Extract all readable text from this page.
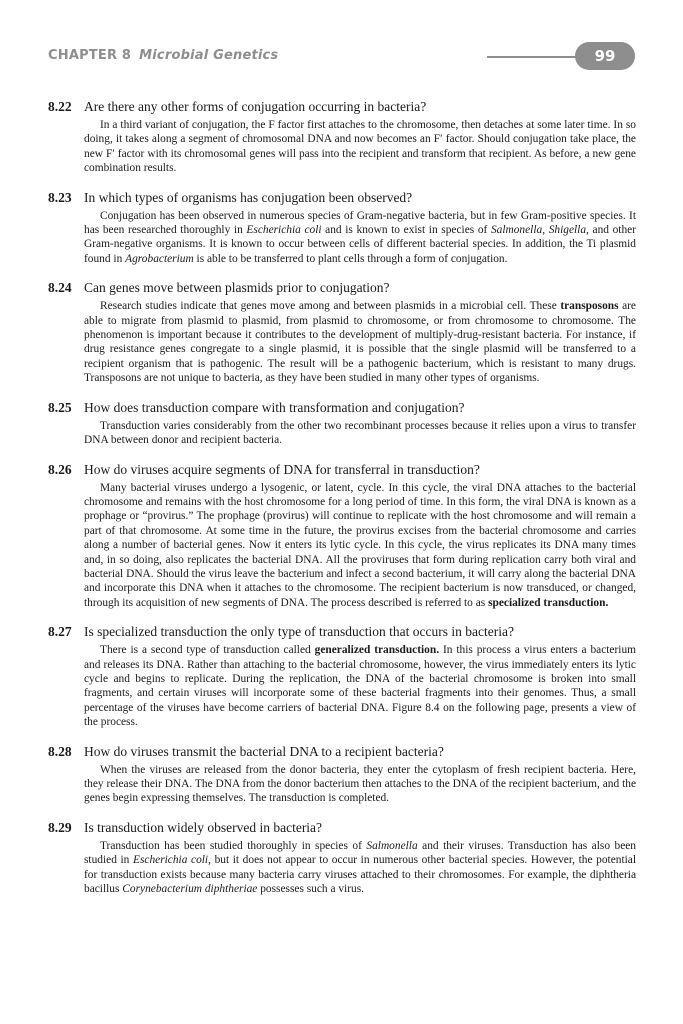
CHAPTER 8 Microbial Genetics	99
8.22 Are there any other forms of conjugation occurring in bacteria?

In a third variant of conjugation, the F factor first attaches to the chromosome, then detaches at some later time. In so doing, it takes along a segment of chromosomal DNA and now becomes an F′ factor. Should conjugation take place, the new F′ factor with its chromosomal genes will pass into the recipient and transform that recipient. As before, a new gene combination results.

8.23 In which types of organisms has conjugation been observed?

Conjugation has been observed in numerous species of Gram-negative bacteria, but in few Gram-positive species. It has been researched thoroughly in Escherichia coli and is known to exist in species of Salmonella, Shigella, and other Gram-negative organisms. It is known to occur between cells of different bacterial species. In addition, the Ti plasmid found in Agrobacterium is able to be transferred to plant cells through a form of conjugation.

8.24 Can genes move between plasmids prior to conjugation?

Research studies indicate that genes move among and between plasmids in a microbial cell. These transposons are able to migrate from plasmid to plasmid, from plasmid to chromosome, or from chromosome to chromosome. The phenomenon is important because it contributes to the development of multiply-drug-resistant bacteria. For instance, if drug resistance genes congregate to a single plasmid, it is possible that the single plasmid will be transferred to a recipient organism that is pathogenic. The result will be a pathogenic bacterium, which is resistant to many drugs. Transposons are not unique to bacteria, as they have been studied in many other types of organisms.

8.25 How does transduction compare with transformation and conjugation?

Transduction varies considerably from the other two recombinant processes because it relies upon a virus to transfer DNA between donor and recipient bacteria.

8.26 How do viruses acquire segments of DNA for transferral in transduction?

Many bacterial viruses undergo a lysogenic, or latent, cycle. In this cycle, the viral DNA attaches to the bacterial chromosome and remains with the host chromosome for a long period of time. In this form, the viral DNA is known as a prophage or “provirus.” The prophage (provirus) will continue to replicate with the host chromosome and will remain a part of that chromosome. At some time in the future, the provirus excises from the bacterial chromosome and carries along a number of bacterial genes. Now it enters its lytic cycle. In this cycle, the virus replicates its DNA many times and, in so doing, also replicates the bacterial DNA. All the proviruses that form during replication carry both viral and bacterial DNA. Should the virus leave the bacterium and infect a second bacterium, it will carry along the bacterial DNA and incorporate this DNA when it attaches to the chromosome. The recipient bacterium is now transduced, or changed, through its acquisition of new segments of DNA. The process described is referred to as specialized transduction.

8.27 Is specialized transduction the only type of transduction that occurs in bacteria?

There is a second type of transduction called generalized transduction. In this process a virus enters a bacterium and releases its DNA. Rather than attaching to the bacterial chromosome, however, the virus immediately enters its lytic cycle and begins to replicate. During the replication, the DNA of the bacterial chromosome is broken into small fragments, and certain viruses will incorporate some of these bacterial fragments into their genomes. Thus, a small percentage of the viruses have become carriers of bacterial DNA. Figure 8.4 on the following page, presents a view of the process.

8.28 How do viruses transmit the bacterial DNA to a recipient bacteria?

When the viruses are released from the donor bacteria, they enter the cytoplasm of fresh recipient bacteria. Here, they release their DNA. The DNA from the donor bacterium then attaches to the DNA of the recipient bacterium, and the genes begin expressing themselves. The transduction is completed.

8.29 Is transduction widely observed in bacteria?

Transduction has been studied thoroughly in species of Salmonella and their viruses. Transduction has also been studied in Escherichia coli, but it does not appear to occur in numerous other bacterial species. However, the potential for transduction exists because many bacteria carry viruses attached to their chromosomes. For example, the diphtheria bacillus Corynebacterium diphtheriae possesses such a virus.
